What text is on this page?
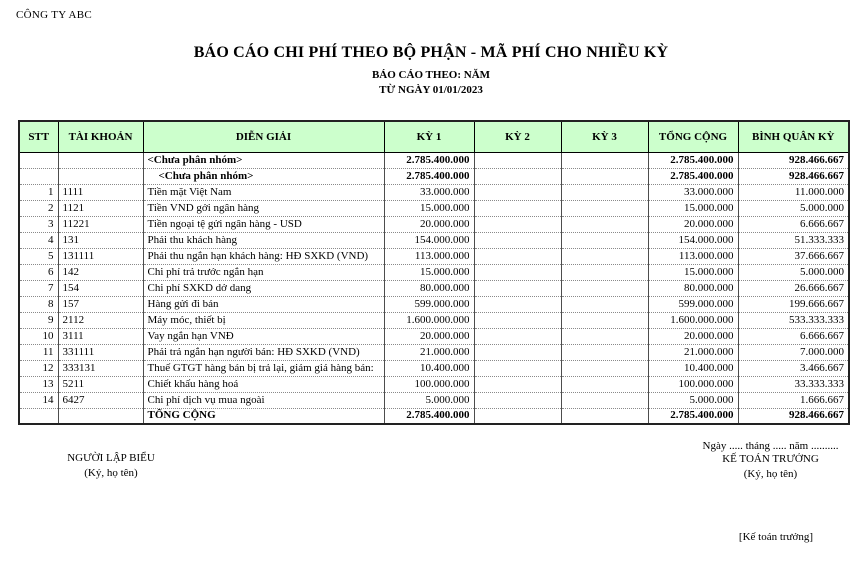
CÔNG TY ABC
BÁO CÁO CHI PHÍ THEO BỘ PHẬN - MÃ PHÍ CHO NHIỀU KỲ
BÁO CÁO THEO: NĂM
TỪ NGÀY 01/01/2023
STT	TÀI KHOẢN	DIỄN GIẢI	KỲ 1	KỲ 2	KỲ 3	TỔNG CỘNG	BÌNH QUÂN KỲ
		<Chưa phân nhóm>	2.785.400.000			2.785.400.000	928.466.667
		<Chưa phân nhóm>	2.785.400.000			2.785.400.000	928.466.667
1	1111	Tiền mặt Việt Nam	33.000.000			33.000.000	11.000.000
2	1121	Tiền VND gởi ngân hàng	15.000.000			15.000.000	5.000.000
3	11221	Tiền ngoại tệ gửi ngân hàng - USD	20.000.000			20.000.000	6.666.667
4	131	Phải thu khách hàng	154.000.000			154.000.000	51.333.333
5	131111	Phải thu ngắn hạn khách hàng: HĐ SXKD (VND)	113.000.000			113.000.000	37.666.667
6	142	Chi phí trả trước ngắn hạn	15.000.000			15.000.000	5.000.000
7	154	Chi phí SXKD dở dang	80.000.000			80.000.000	26.666.667
8	157	Hàng gửi đi bán	599.000.000			599.000.000	199.666.667
9	2112	Máy móc, thiết bị	1.600.000.000			1.600.000.000	533.333.333
10	3111	Vay ngắn hạn VNĐ	20.000.000			20.000.000	6.666.667
11	331111	Phải trả ngắn hạn người bán: HĐ SXKD (VND)	21.000.000			21.000.000	7.000.000
12	333131	Thuế GTGT hàng bán bị trả lại, giảm giá hàng bán:	10.400.000			10.400.000	3.466.667
13	5211	Chiết khấu hàng hoá	100.000.000			100.000.000	33.333.333
14	6427	Chi phí dịch vụ mua ngoài	5.000.000			5.000.000	1.666.667
		TỔNG CỘNG	2.785.400.000			2.785.400.000	928.466.667
NGƯỜI LẬP BIỂU
(Ký, họ tên)
Ngày ..... tháng ..... năm ..........
KẾ TOÁN TRƯỞNG
(Ký, họ tên)
[Kế toán trưởng]
